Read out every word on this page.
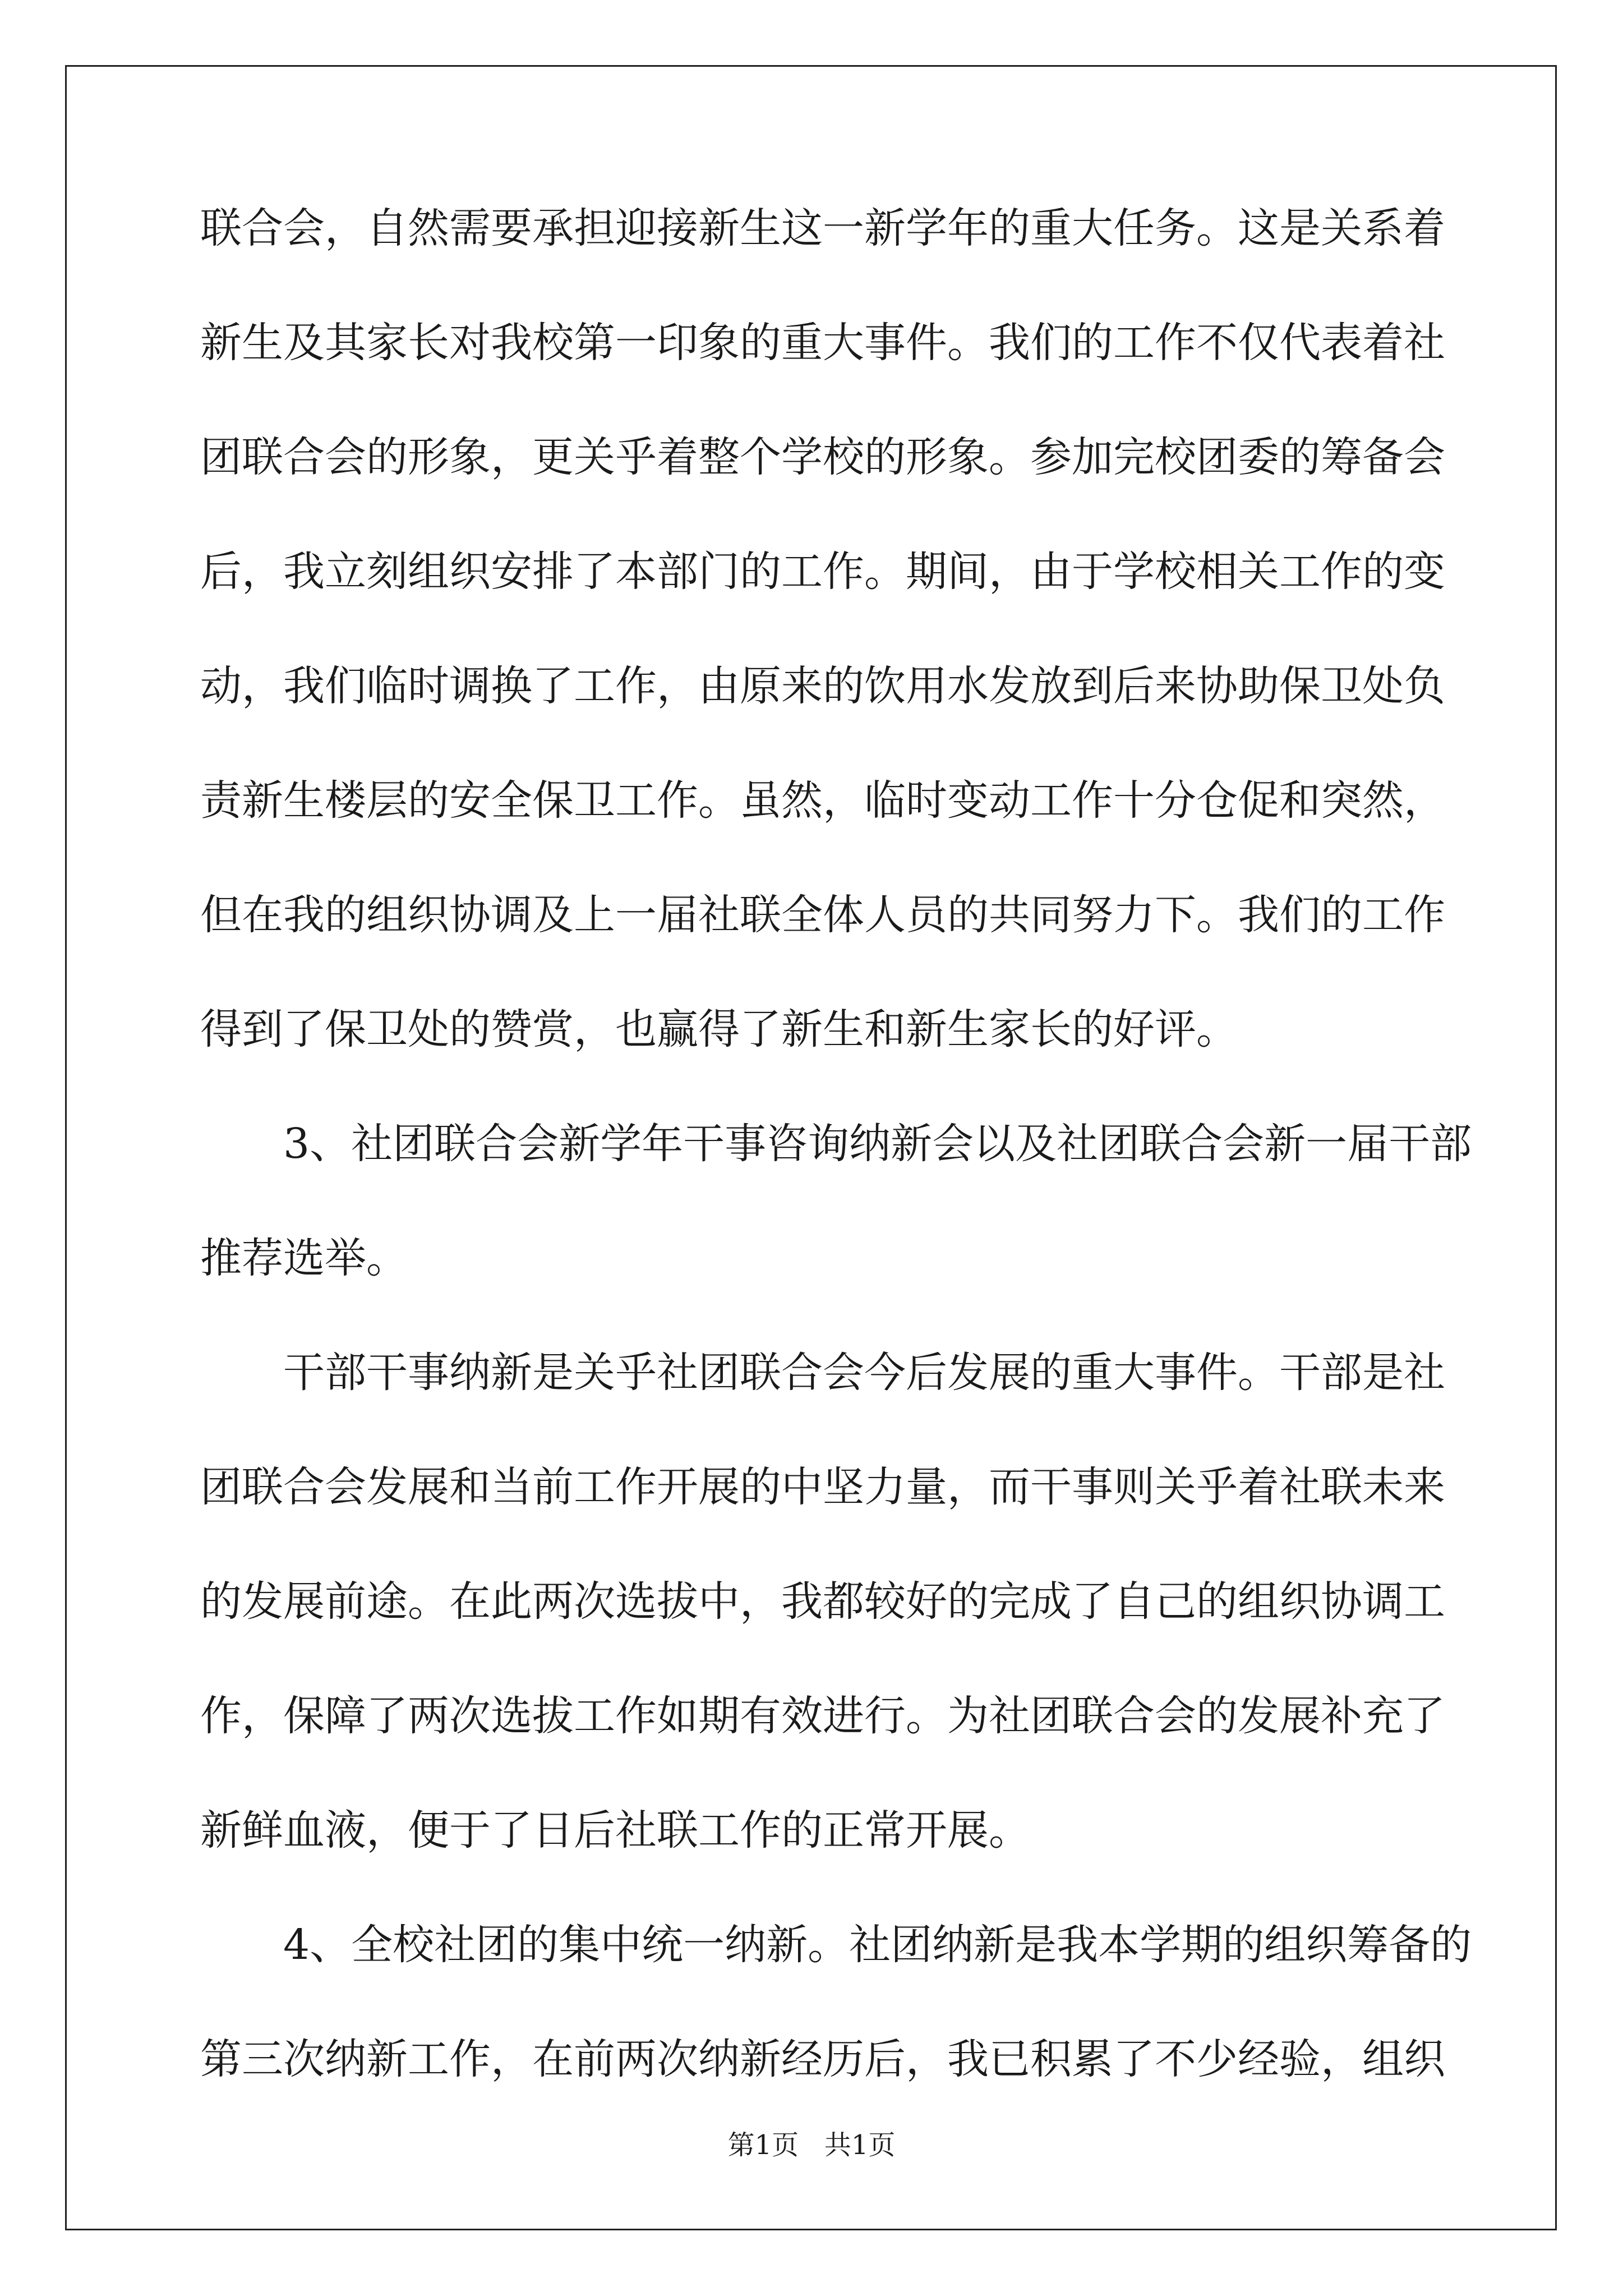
联合会，自然需要承担迎接新生这一新学年的重大任务。这是关系着
新生及其家长对我校第一印象的重大事件。我们的工作不仅代表着社
团联合会的形象，更关乎着整个学校的形象。参加完校团委的筹备会
后，我立刻组织安排了本部门的工作。期间，由于学校相关工作的变
动，我们临时调换了工作，由原来的饮用水发放到后来协助保卫处负
责新生楼层的安全保卫工作。虽然，临时变动工作十分仓促和突然，
但在我的组织协调及上一届社联全体人员的共同努力下。我们的工作
得到了保卫处的赞赏，也赢得了新生和新生家长的好评。
3、社团联合会新学年干事咨询纳新会以及社团联合会新一届干部
推荐选举。
干部干事纳新是关乎社团联合会今后发展的重大事件。干部是社
团联合会发展和当前工作开展的中坚力量，而干事则关乎着社联未来
的发展前途。在此两次选拔中，我都较好的完成了自己的组织协调工
作，保障了两次选拔工作如期有效进行。为社团联合会的发展补充了
新鲜血液，便于了日后社联工作的正常开展。
4、全校社团的集中统一纳新。社团纳新是我本学期的组织筹备的
第三次纳新工作，在前两次纳新经历后，我已积累了不少经验，组织
第1页   共1页
